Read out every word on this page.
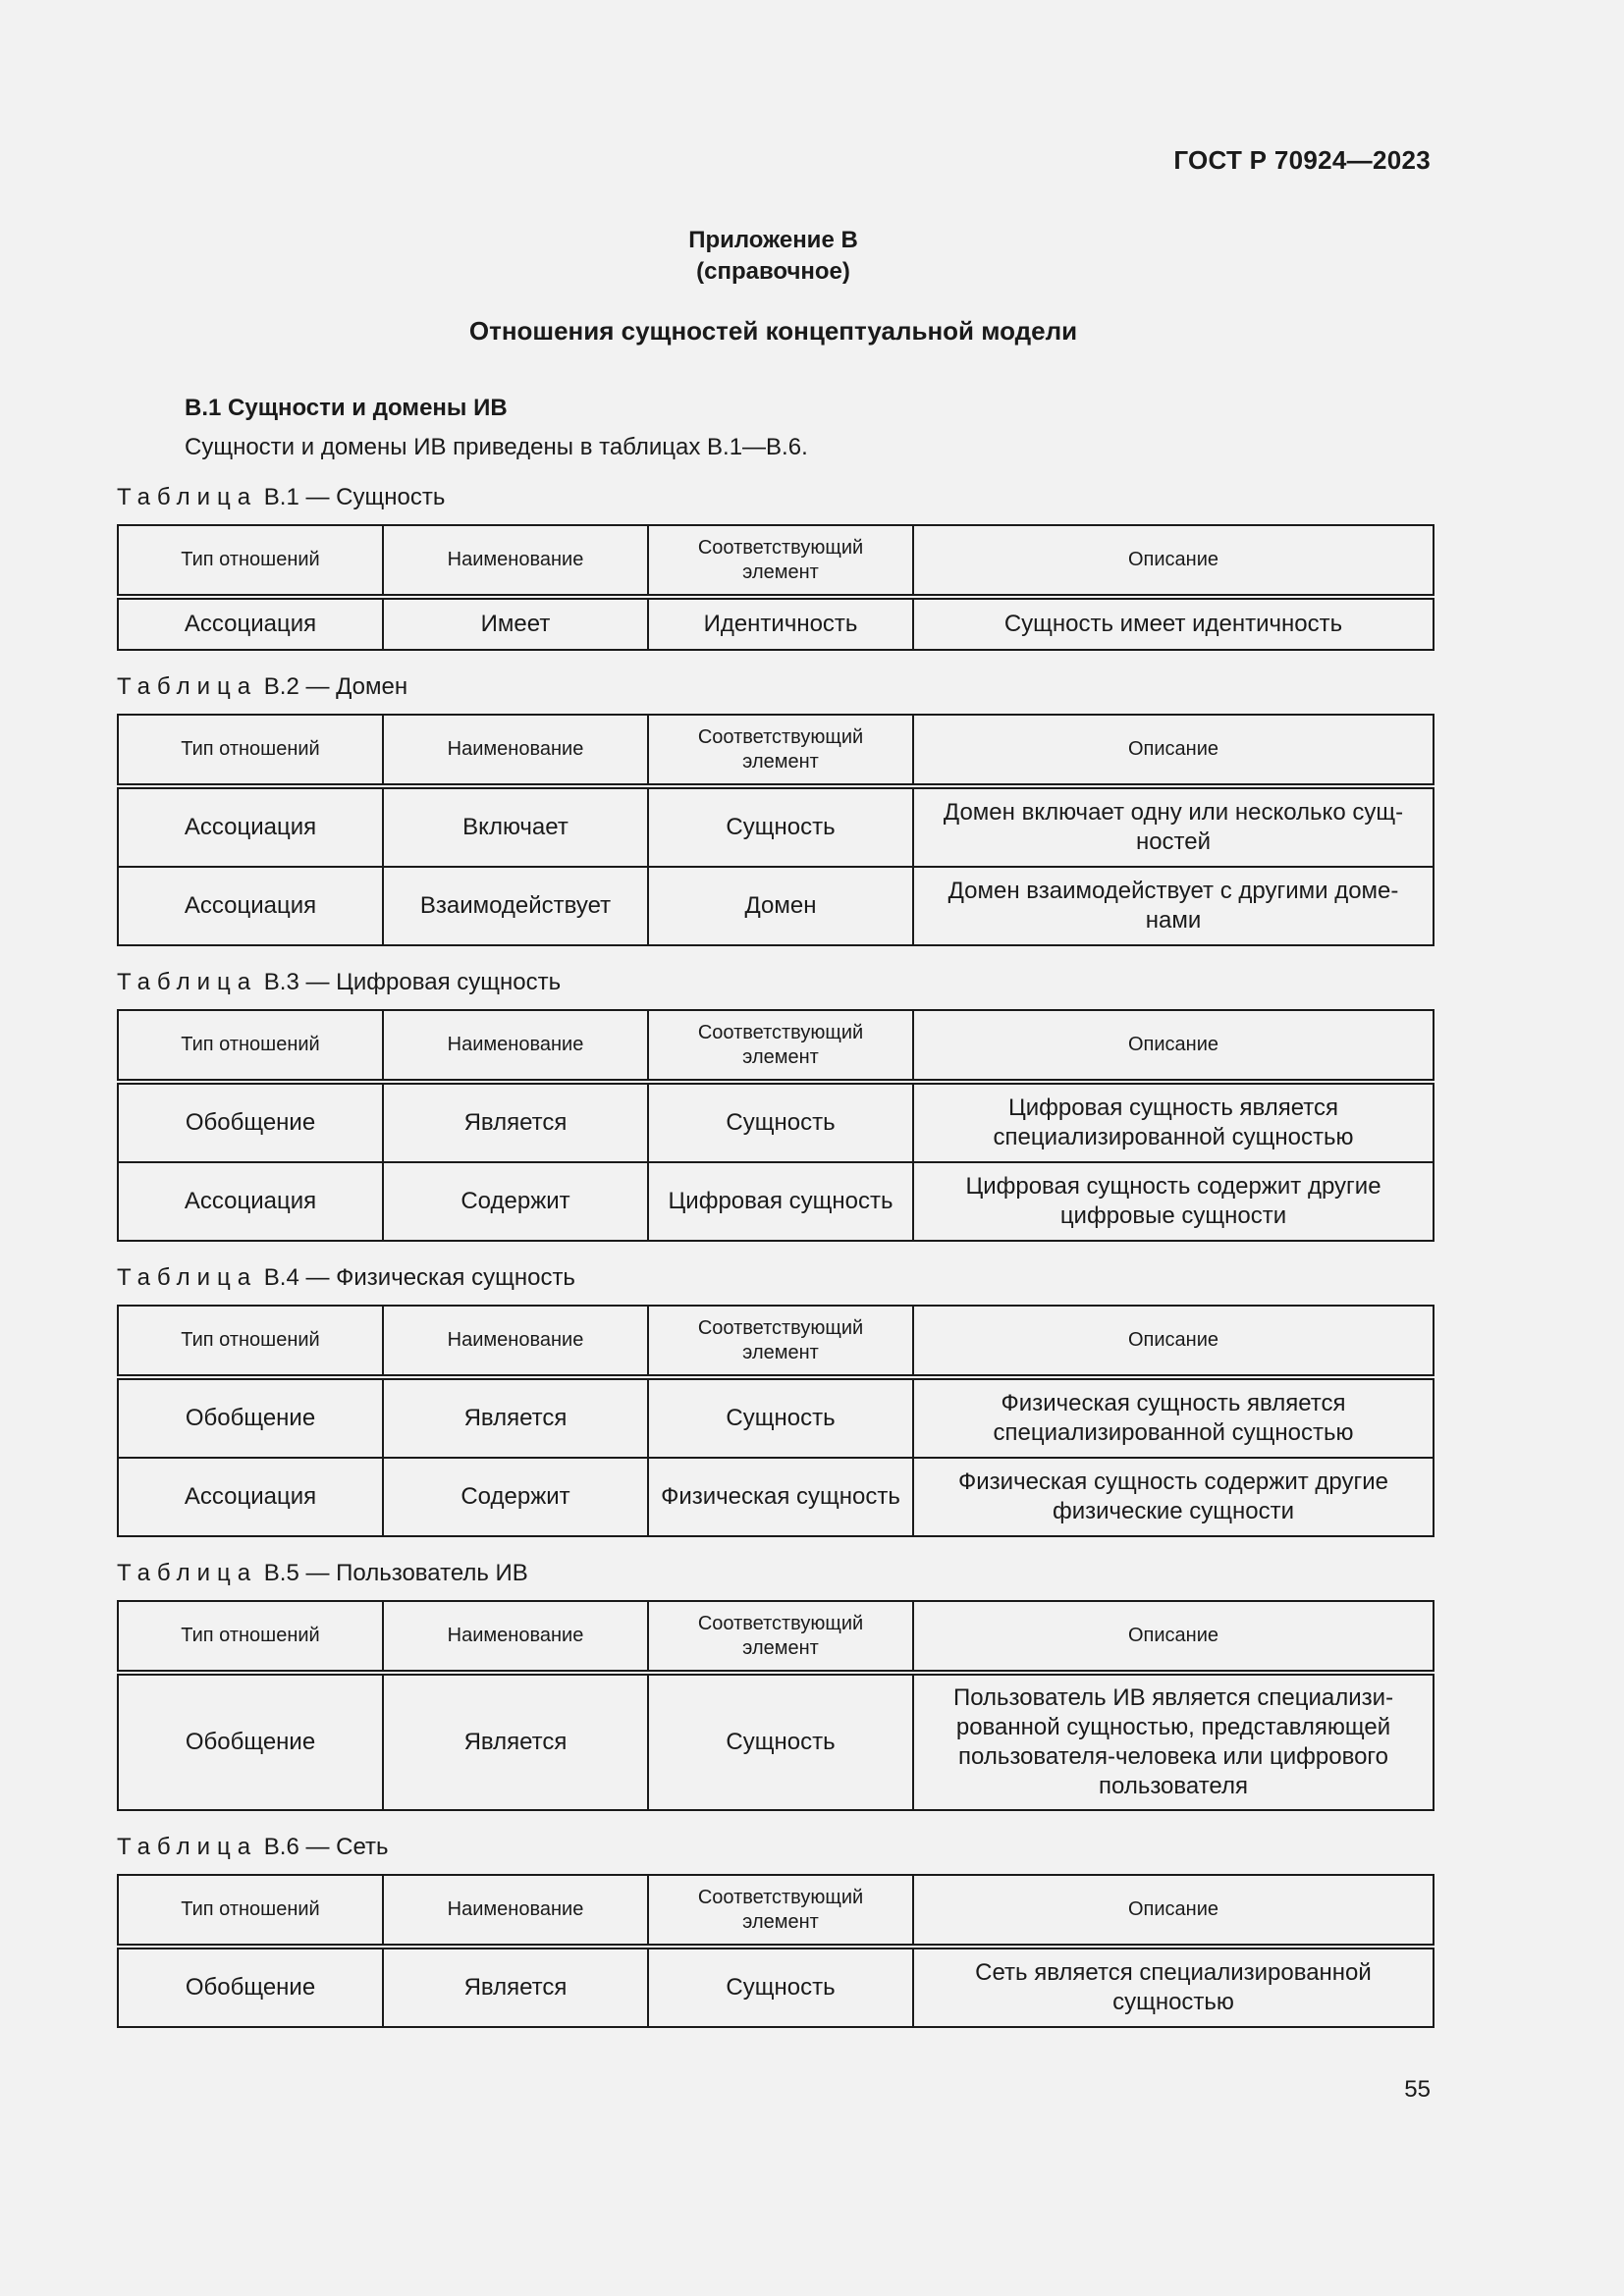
ГОСТ Р 70924—2023
Приложение В
(справочное)
Отношения сущностей концептуальной модели
В.1 Сущности и домены ИВ
Сущности и домены ИВ приведены в таблицах В.1—В.6.
Таблица В.1 — Сущность
Тип отношений	Наименование	Соответствующий элемент	Описание
Ассоциация	Имеет	Идентичность	Сущность имеет идентичность
Таблица В.2 — Домен
Тип отношений	Наименование	Соответствующий элемент	Описание
Ассоциация	Включает	Сущность	Домен включает одну или несколько сущ-ностей
Ассоциация	Взаимодействует	Домен	Домен взаимодействует с другими доме-нами
Таблица В.3 — Цифровая сущность
Тип отношений	Наименование	Соответствующий элемент	Описание
Обобщение	Является	Сущность	Цифровая сущность является специализированной сущностью
Ассоциация	Содержит	Цифровая сущность	Цифровая сущность содержит другие цифровые сущности
Таблица В.4 — Физическая сущность
Тип отношений	Наименование	Соответствующий элемент	Описание
Обобщение	Является	Сущность	Физическая сущность является специализированной сущностью
Ассоциация	Содержит	Физическая сущность	Физическая сущность содержит другие физические сущности
Таблица В.5 — Пользователь ИВ
Тип отношений	Наименование	Соответствующий элемент	Описание
Обобщение	Является	Сущность	Пользователь ИВ является специализи-рованной сущностью, представляющей пользователя-человека или цифрового пользователя
Таблица В.6 — Сеть
Тип отношений	Наименование	Соответствующий элемент	Описание
Обобщение	Является	Сущность	Сеть является специализированной сущностью
55
